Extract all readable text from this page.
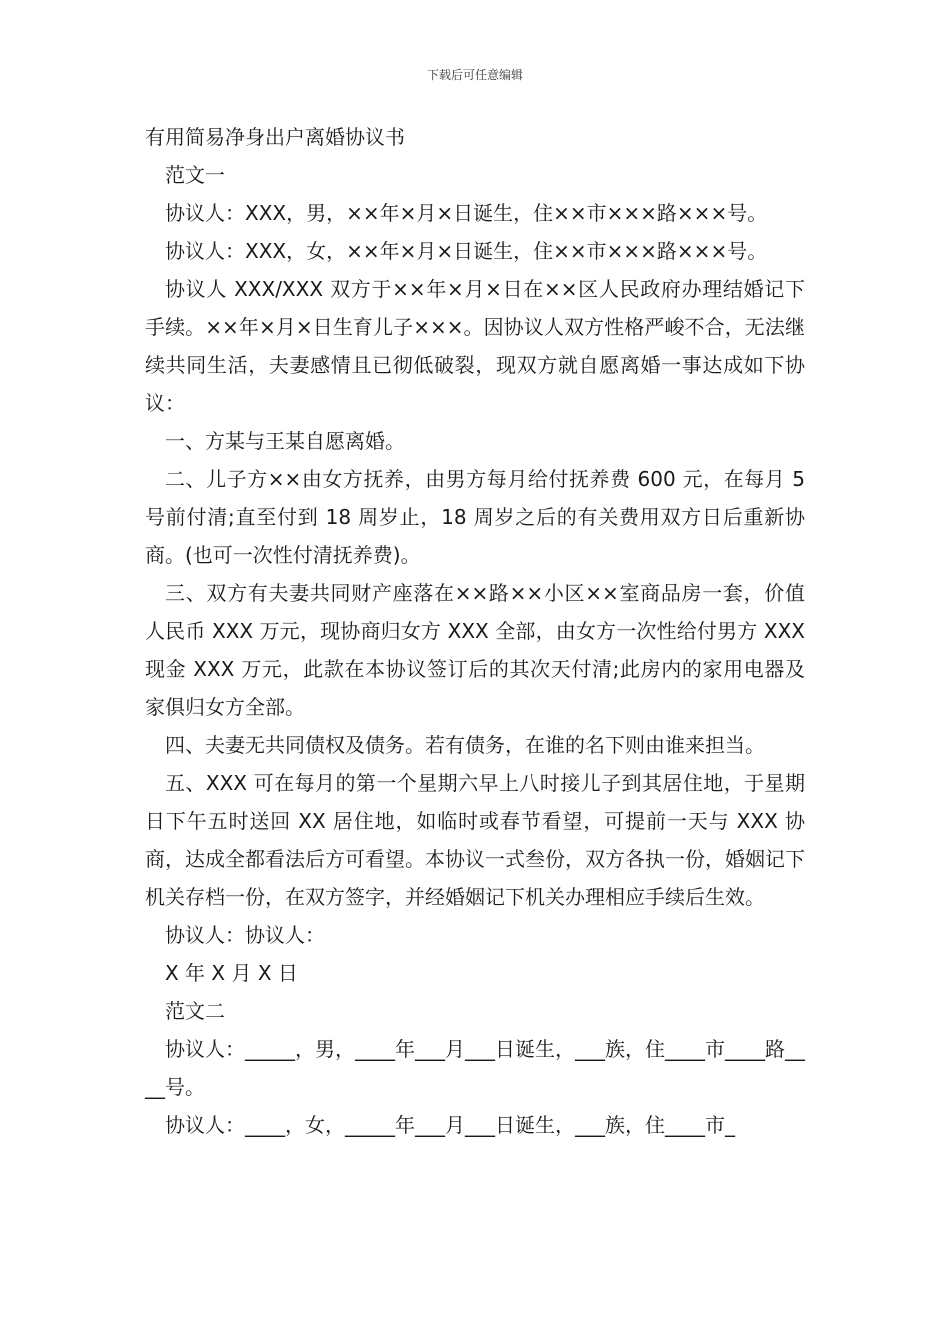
下载后可任意编辑
有用简易净身出户离婚协议书

范文一

协议人：XXX，男，××年×月×日诞生，住××市×××路×××号。

协议人：XXX，女，××年×月×日诞生，住××市×××路×××号。

协议人 XXX/XXX 双方于××年×月×日在××区人民政府办理结婚记下手续。××年×月×日生育儿子×××。因协议人双方性格严峻不合，无法继续共同生活，夫妻感情且已彻低破裂，现双方就自愿离婚一事达成如下协议：

一、方某与王某自愿离婚。

二、儿子方××由女方抚养，由男方每月给付抚养费 600 元，在每月 5 号前付清;直至付到 18 周岁止，18 周岁之后的有关费用双方日后重新协商。(也可一次性付清抚养费)。

三、双方有夫妻共同财产座落在××路××小区××室商品房一套，价值人民币 XXX 万元，现协商归女方 XXX 全部，由女方一次性给付男方 XXX 现金 XXX 万元，此款在本协议签订后的其次天付清;此房内的家用电器及家俱归女方全部。

四、夫妻无共同债权及债务。若有债务，在谁的名下则由谁来担当。

五、XXX 可在每月的第一个星期六早上八时接儿子到其居住地，于星期日下午五时送回 XX 居住地，如临时或春节看望，可提前一天与 XXX 协商，达成全都看法后方可看望。本协议一式叁份，双方各执一份，婚姻记下机关存档一份，在双方签字，并经婚姻记下机关办理相应手续后生效。

协议人：协议人：

X 年 X 月 X 日

范文二

协议人：_____，男，____年___月___日诞生，___族，住____市____路____号。

协议人：____，女，_____年___月___日诞生，___族，住____市_
